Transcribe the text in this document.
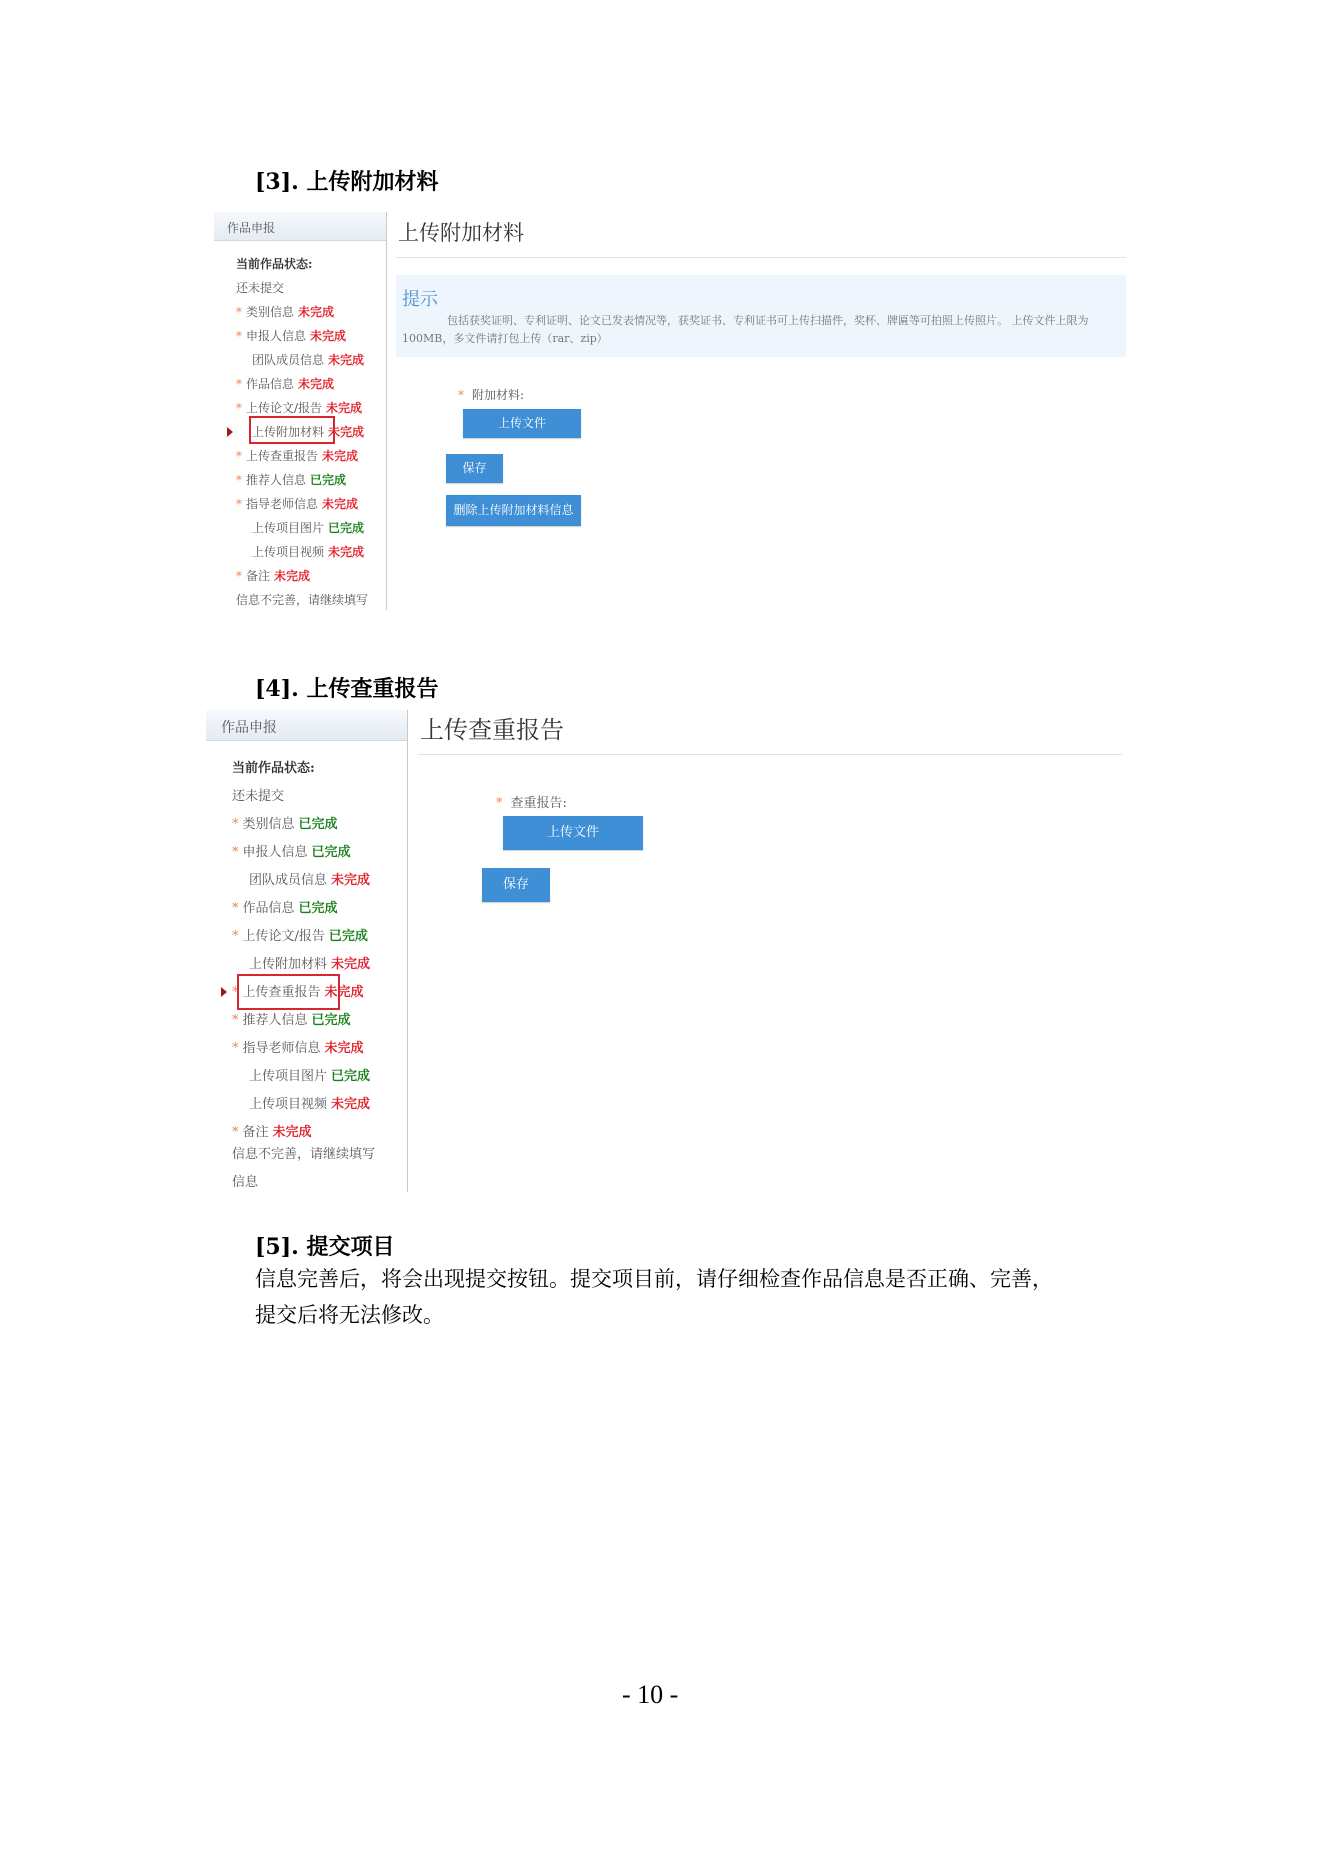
[3]. 上传附加材料
作品申报
当前作品状态:
还未提交
* 类别信息 未完成
* 申报人信息 未完成
团队成员信息 未完成
* 作品信息 未完成
* 上传论文/报告 未完成
上传附加材料 未完成
* 上传查重报告 未完成
* 推荐人信息 已完成
* 指导老师信息 未完成
上传项目图片 已完成
上传项目视频 未完成
* 备注 未完成
信息不完善，请继续填写
上传附加材料
提示
包括获奖证明、专利证明、论文已发表情况等，获奖证书、专利证书可上传扫描件，奖杯、牌匾等可拍照上传照片。 上传文件上限为100MB，多文件请打包上传（rar、zip）
* 附加材料:
上传文件
保存
删除上传附加材料信息
[4]. 上传查重报告
作品申报
当前作品状态:
还未提交
* 类别信息 已完成
* 申报人信息 已完成
团队成员信息 未完成
* 作品信息 已完成
* 上传论文/报告 已完成
上传附加材料 未完成
* 上传查重报告 未完成
* 推荐人信息 已完成
* 指导老师信息 未完成
上传项目图片 已完成
上传项目视频 未完成
* 备注 未完成
信息不完善，请继续填写
信息
上传查重报告
* 查重报告:
上传文件
保存
[5]. 提交项目
信息完善后，将会出现提交按钮。提交项目前，请仔细检查作品信息是否正确、完善，
提交后将无法修改。
- 10 -
